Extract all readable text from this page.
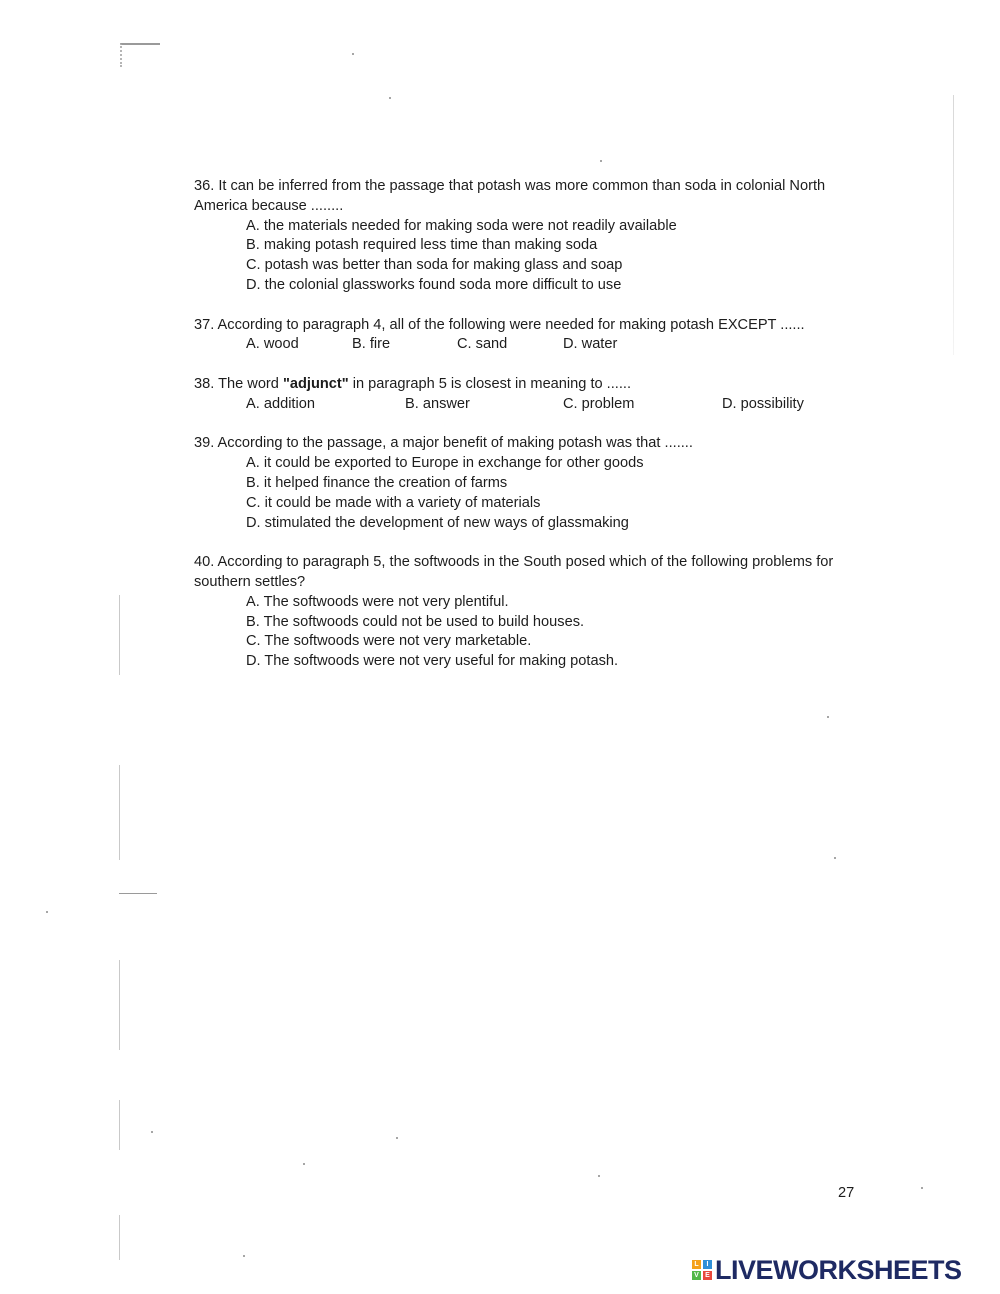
36. It can be inferred from the passage that potash was more common than soda in colonial North America because ........
A. the materials needed for making soda were not readily available
B. making potash required less time than making soda
C. potash was better than soda for making glass and soap
D. the colonial glassworks found soda more difficult to use
37. According to paragraph 4, all of the following were needed for making potash EXCEPT ......
A. wood	B. fire	C. sand	D. water
38. The word "adjunct" in paragraph 5 is closest in meaning to ......
A. addition	B. answer	C. problem	D. possibility
39. According to the passage, a major benefit of making potash was that .......
A. it could be exported to Europe in exchange for other goods
B. it helped finance the creation of farms
C. it could be made with a variety of materials
D. stimulated the development of new ways of glassmaking
40. According to paragraph 5, the softwoods in the South posed which of the following problems for southern settles?
A. The softwoods were not very plentiful.
B. The softwoods could not be used to build houses.
C. The softwoods were not very marketable.
D. The softwoods were not very useful for making potash.
27
L	I
V E LIVEWORKSHEETS
